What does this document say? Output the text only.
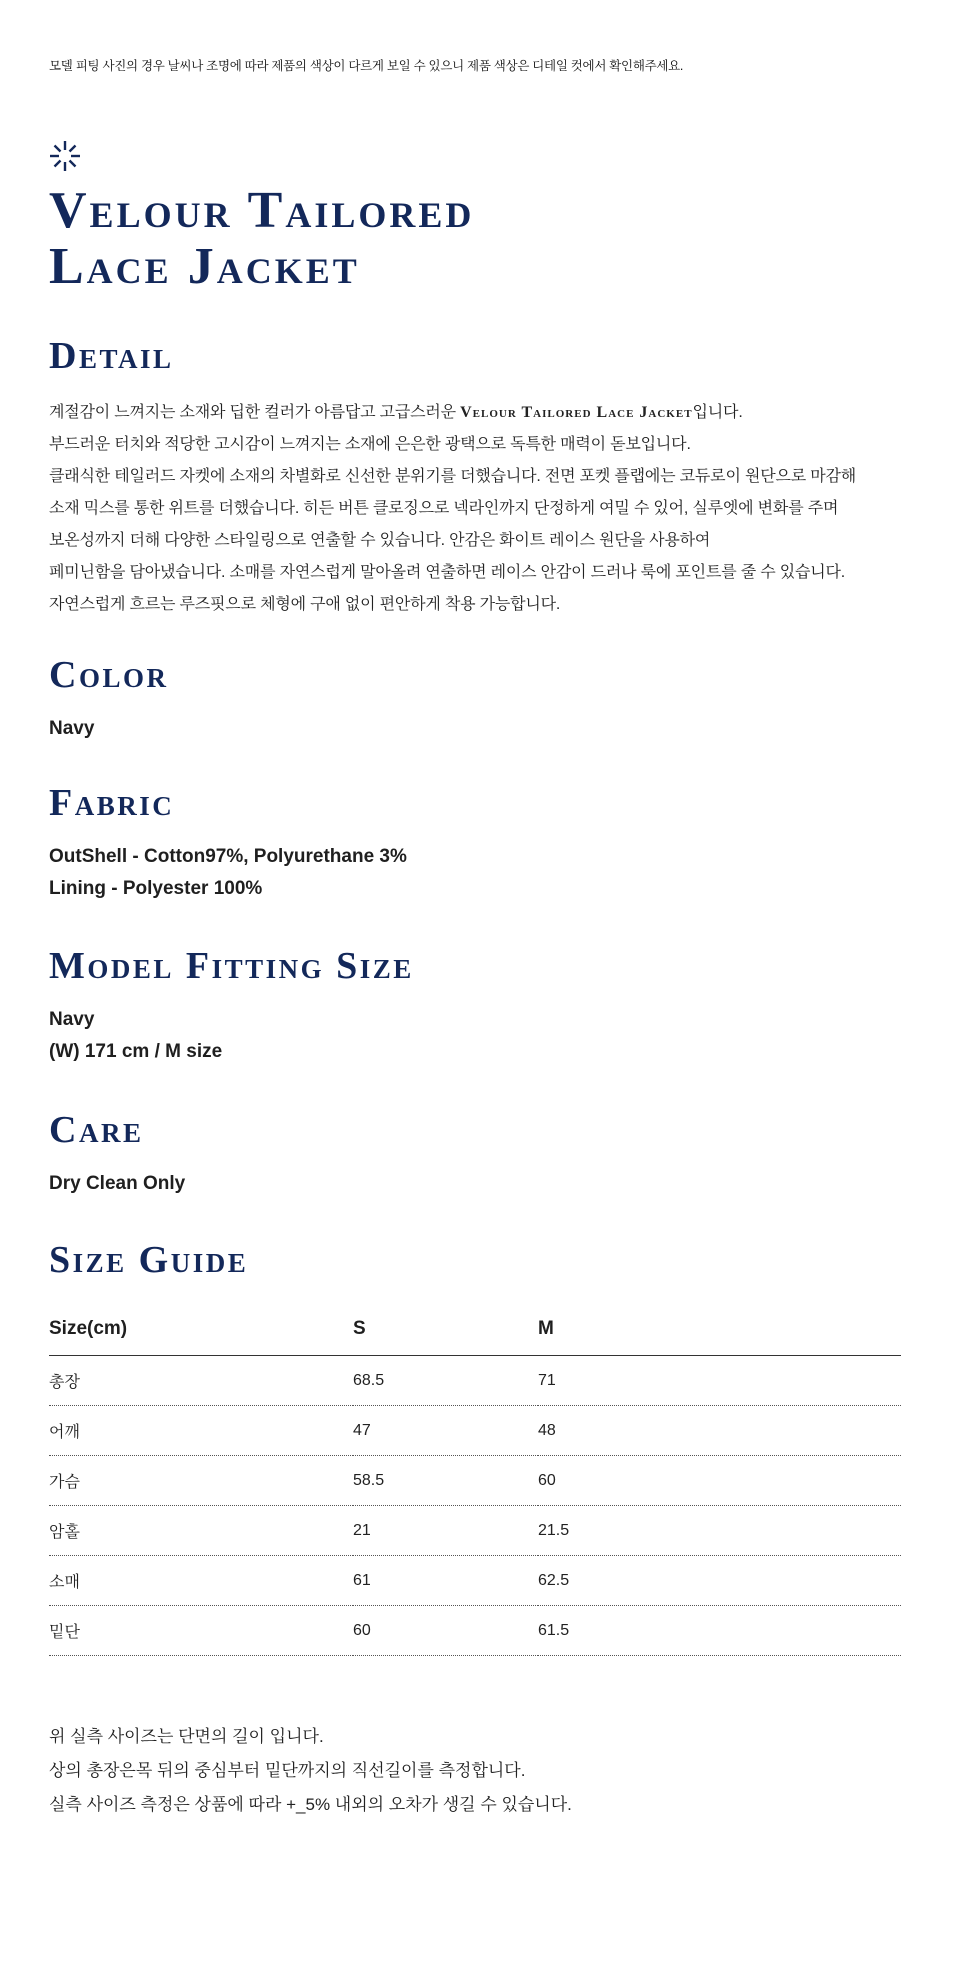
모델 피팅 사진의 경우 날씨나 조명에 따라 제품의 색상이 다르게 보일 수 있으니 제품 색상은 디테일 컷에서 확인해주세요.
Velour Tailored
Lace Jacket
Detail
계절감이 느껴지는 소재와 딥한 컬러가 아름답고 고급스러운 Velour Tailored Lace Jacket입니다.
부드러운 터치와 적당한 고시감이 느껴지는 소재에 은은한 광택으로 독특한 매력이 돋보입니다.
클래식한 테일러드 자켓에 소재의 차별화로 신선한 분위기를 더했습니다. 전면 포켓 플랩에는 코듀로이 원단으로 마감해
소재 믹스를 통한 위트를 더했습니다. 히든 버튼 클로징으로 넥라인까지 단정하게 여밀 수 있어, 실루엣에 변화를 주며
보온성까지 더해 다양한 스타일링으로 연출할 수 있습니다. 안감은 화이트 레이스 원단을 사용하여
페미닌함을 담아냈습니다. 소매를 자연스럽게 말아올려 연출하면 레이스 안감이 드러나 룩에 포인트를 줄 수 있습니다.
자연스럽게 흐르는 루즈핏으로 체형에 구애 없이 편안하게 착용 가능합니다.
Color
Navy
Fabric
OutShell - Cotton97%, Polyurethane 3%
Lining - Polyester 100%
Model Fitting Size
Navy
(W) 171 cm / M size
Care
Dry Clean Only
Size Guide
Size(cm)	S	M
총장	68.5	71
어깨	47	48
가슴	58.5	60
암홀	21	21.5
소매	61	62.5
밑단	60	61.5
위 실측 사이즈는 단면의 길이 입니다.
상의 총장은목 뒤의 중심부터 밑단까지의 직선길이를 측정합니다.
실측 사이즈 측정은 상품에 따라 +_5% 내외의 오차가 생길 수 있습니다.
